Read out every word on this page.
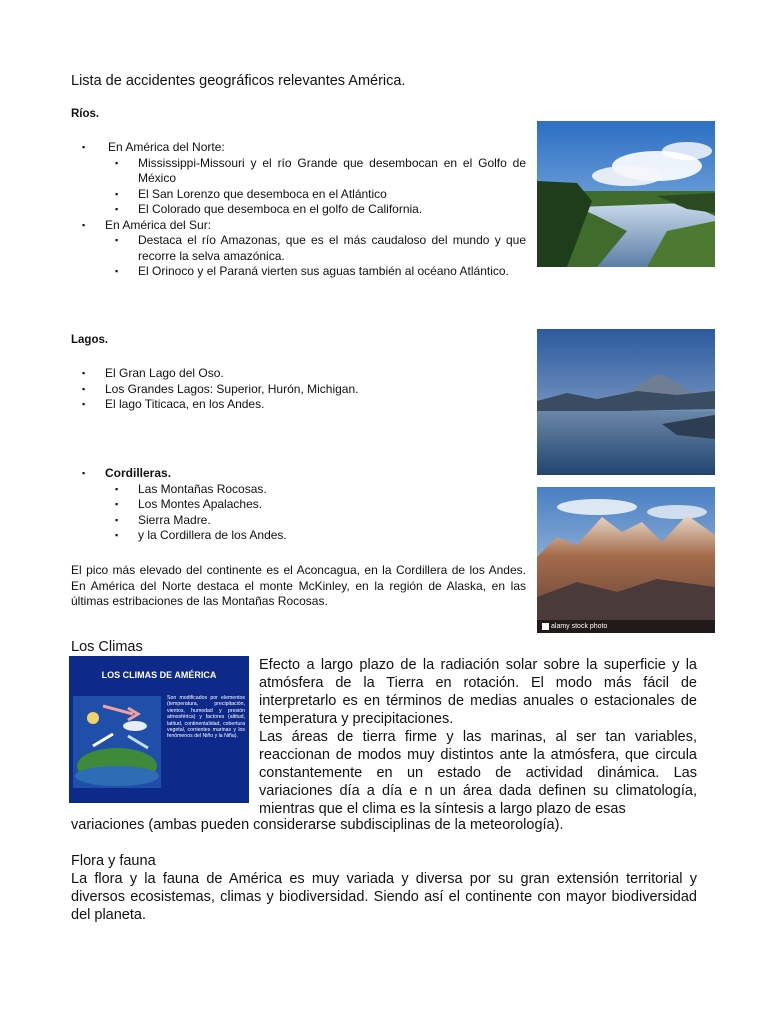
Lista de accidentes geográficos relevantes América.
Ríos.
▪ En América del Norte:
▪ Mississippi-Missouri y el río Grande que desembocan en el Golfo de México
▪ El San Lorenzo que desemboca en el Atlántico
▪ El Colorado que desemboca en el golfo de California.
▪ En América del Sur:
▪ Destaca el río Amazonas, que es el más caudaloso del mundo y que recorre la selva amazónica.
▪ El Orinoco y el Paraná vierten sus aguas también al océano Atlántico.
Lagos.
▪ El Gran Lago del Oso.
▪ Los Grandes Lagos: Superior, Hurón, Michigan.
▪ El lago Titicaca, en los Andes.
▪ Cordilleras.
▪ Las Montañas Rocosas.
▪ Los Montes Apalaches.
▪ Sierra Madre.
▪ y la Cordillera de los Andes.
El pico más elevado del continente es el Aconcagua, en la Cordillera de los Andes. En América del Norte destaca el monte McKinley, en la región de Alaska, en las últimas estribaciones de las Montañas Rocosas.
alamy stock photo
Los Climas
LOS CLIMAS DE AMÉRICA
Son modificados por elementos (temperatura, precipitación, vientos, humedad y presión atmosférica) y factores (altitud, latitud, continentalidad, cobertura vegetal, corrientes marinas y los fenómenos del Niño y la Niña).
Efecto a largo plazo de la radiación solar sobre la superficie y la atmósfera de la Tierra en rotación. El modo más fácil de interpretarlo es en términos de medias anuales o estacionales de temperatura y precipitaciones.
Las áreas de tierra firme y las marinas, al ser tan variables, reaccionan de modos muy distintos ante la atmósfera, que circula constantemente en un estado de actividad dinámica. Las variaciones día a día e n un área dada definen su climatología, mientras que el clima es la síntesis a largo plazo de esas
variaciones (ambas pueden considerarse subdisciplinas de la meteorología).
Flora y fauna
La flora y la fauna de América es muy variada y diversa por su gran extensión territorial y diversos ecosistemas, climas y biodiversidad. Siendo así el continente con mayor biodiversidad del planeta.
